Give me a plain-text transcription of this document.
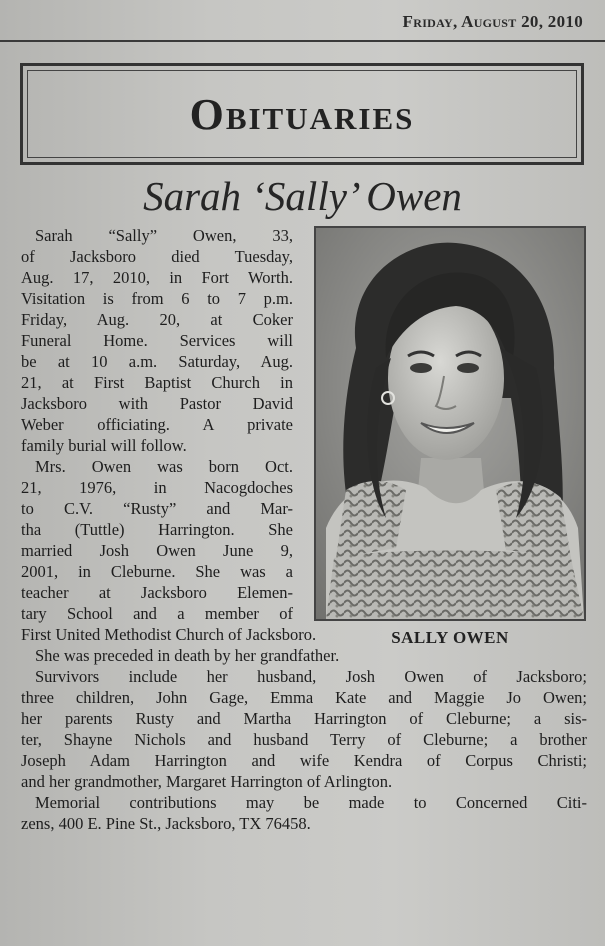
Friday, August 20, 2010
Obituaries
Sarah ‘Sally’ Owen
SALLY OWEN
Sarah “Sally” Owen, 33,
of Jacksboro died Tuesday,
Aug. 17, 2010, in Fort Worth.
Visitation is from 6 to 7 p.m.
Friday, Aug. 20, at Coker
Funeral Home. Services will
be at 10 a.m. Saturday, Aug.
21, at First Baptist Church in
Jacksboro with Pastor David
Weber officiating. A private
family burial will follow.
Mrs. Owen was born Oct.
21, 1976, in Nacogdoches
to C.V. “Rusty” and Mar-
tha (Tuttle) Harrington. She
married Josh Owen June 9,
2001, in Cleburne. She was a
teacher at Jacksboro Elemen-
tary School and a member of
First United Methodist Church of Jacksboro.
She was preceded in death by her grandfather.
Survivors include her husband, Josh Owen of Jacksboro;
three children, John Gage, Emma Kate and Maggie Jo Owen;
her parents Rusty and Martha Harrington of Cleburne; a sis-
ter, Shayne Nichols and husband Terry of Cleburne; a brother
Joseph Adam Harrington and wife Kendra of Corpus Christi;
and her grandmother, Margaret Harrington of Arlington.
Memorial contributions may be made to Concerned Citi-
zens, 400 E. Pine St., Jacksboro, TX 76458.
